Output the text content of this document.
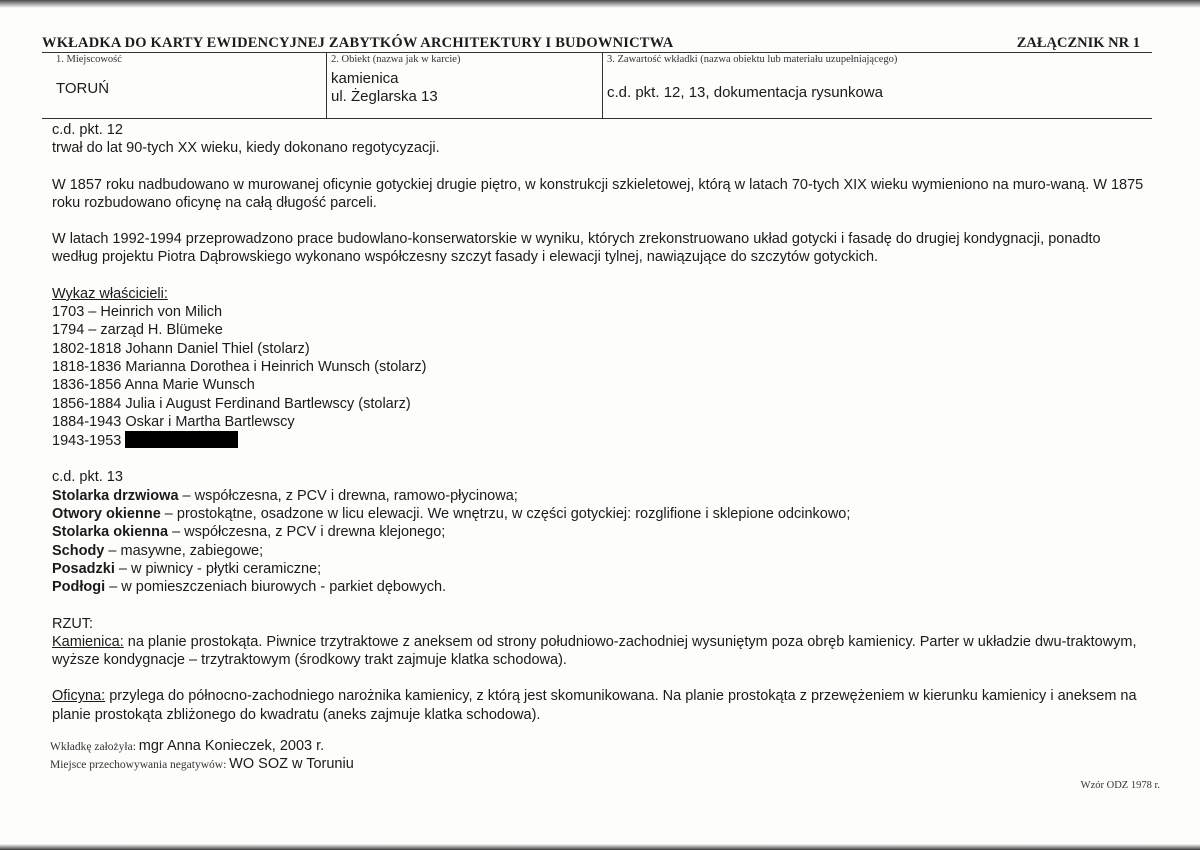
WKŁADKA DO KARTY EWIDENCYJNEJ ZABYTKÓW ARCHITEKTURY I BUDOWNICTWA	ZAŁĄCZNIK NR 1
1. Miejscowość
TORUŃ
2. Obiekt (nazwa jak w karcie)
kamienica
ul. Żeglarska 13
3. Zawartość wkładki (nazwa obiektu lub materiału uzupełniającego)
c.d. pkt. 12, 13, dokumentacja rysunkowa

c.d. pkt. 12

trwał do lat 90-tych XX wieku, kiedy dokonano regotycyzacji.

W 1857 roku nadbudowano w murowanej oficynie gotyckiej drugie piętro, w konstrukcji szkieletowej, którą w latach 70-tych XIX wieku wymieniono na muro-waną. W 1875 roku rozbudowano oficynę na całą długość parceli.

W latach 1992-1994 przeprowadzono prace budowlano-konserwatorskie w wyniku, których zrekonstruowano układ gotycki i fasadę do drugiej kondygnacji, ponadto według projektu Piotra Dąbrowskiego wykonano współczesny szczyt fasady i elewacji tylnej, nawiązujące do szczytów gotyckich.

Wykaz właścicieli:

1703 – Heinrich von Milich

1794 – zarząd H. Blümeke

1802-1818 Johann Daniel Thiel (stolarz)

1818-1836 Marianna Dorothea i Heinrich Wunsch (stolarz)

1836-1856 Anna Marie Wunsch

1856-1884 Julia i August Ferdinand Bartlewscy (stolarz)

1884-1943 Oskar i Martha Bartlewscy

1943-1953

c.d. pkt. 13

Stolarka drzwiowa – współczesna, z PCV i drewna, ramowo-płycinowa;

Otwory okienne – prostokątne, osadzone w licu elewacji. We wnętrzu, w części gotyckiej: rozglifione i sklepione odcinkowo;

Stolarka okienna – współczesna, z PCV i drewna klejonego;

Schody – masywne, zabiegowe;

Posadzki – w piwnicy - płytki ceramiczne;

Podłogi – w pomieszczeniach biurowych - parkiet dębowych.

RZUT:

Kamienica: na planie prostokąta. Piwnice trzytraktowe z aneksem od strony południowo-zachodniej wysuniętym poza obręb kamienicy. Parter w układzie dwu-traktowym, wyższe kondygnacje – trzytraktowym (środkowy trakt zajmuje klatka schodowa).

Oficyna: przylega do północno-zachodniego narożnika kamienicy, z którą jest skomunikowana. Na planie prostokąta z przewężeniem w kierunku kamienicy i aneksem na planie prostokąta zbliżonego do kwadratu (aneks zajmuje klatka schodowa).

Wkładkę założyła: mgr Anna Konieczek, 2003 r.
Miejsce przechowywania negatywów: WO SOZ w Toruniu
Wzór ODZ 1978 r.
